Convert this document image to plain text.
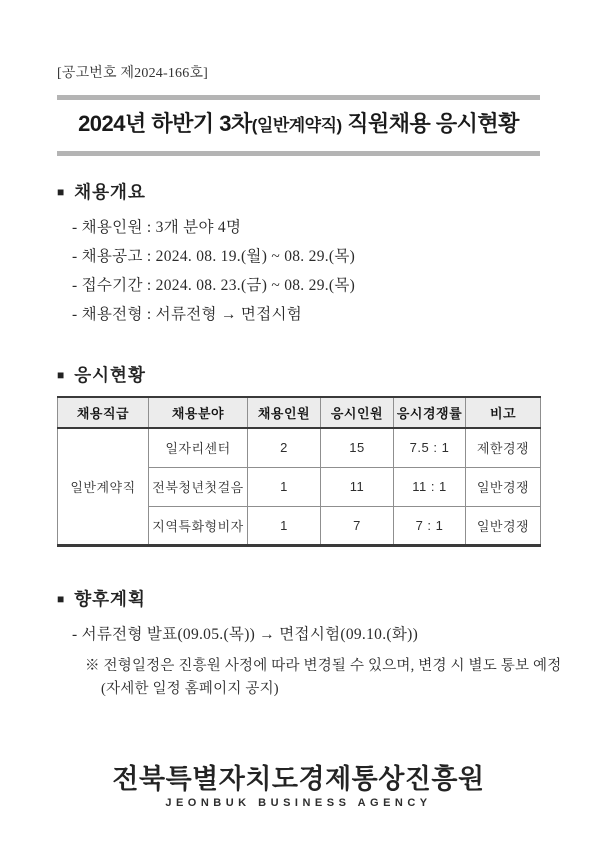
[공고번호 제2024-166호]
2024년 하반기 3차(일반계약직) 직원채용 응시현황
■ 채용개요
- 채용인원 : 3개 분야 4명
- 채용공고 : 2024. 08. 19.(월) ~ 08. 29.(목)
- 접수기간 : 2024. 08. 23.(금) ~ 08. 29.(목)
- 채용전형 : 서류전형 → 면접시험
■ 응시현황
채용직급	채용분야	채용인원	응시인원	응시경쟁률	비고
일반계약직	일자리센터	2	15	7.5 : 1	제한경쟁
	전북청년첫걸음	1	11	11 : 1	일반경쟁
	지역특화형비자	1	7	7 : 1	일반경쟁
■ 향후계획
- 서류전형 발표(09.05.(목)) → 면접시험(09.10.(화))
※ 전형일정은 진흥원 사정에 따라 변경될 수 있으며, 변경 시 별도 통보 예정
(자세한 일정 홈페이지 공지)
전북특별자치도경제통상진흥원
JEONBUK BUSINESS AGENCY
